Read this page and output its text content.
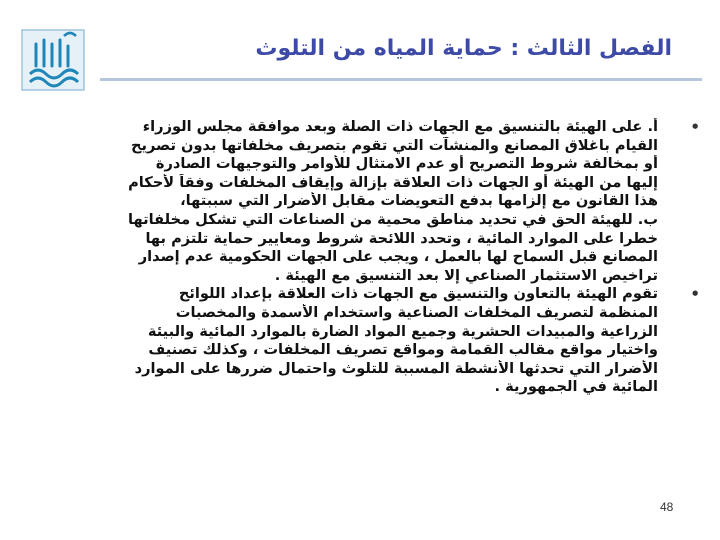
الفصل الثالث : حماية المياه من التلوث
•
أ. على الهيئة بالتنسيق مع الجهات ذات الصلة وبعد موافقة مجلس الوزراء
القيام باغلاق المصانع والمنشآت التي تقوم بتصريف مخلفاتها بدون تصريح
أو بمخالفة شروط التصريح أو عدم الامتثال للأوامر والتوجيهات الصادرة
إليها من الهيئة أو الجهات ذات العلاقة بإزالة وإيقاف المخلفات وفقاً لأحكام
هذا القانون مع إلزامها بدفع التعويضات مقابل الأضرار التي سببتها،
ب. للهيئة الحق في تحديد مناطق محمية من الصناعات التي تشكل مخلفاتها
خطرا على الموارد المائية ، وتحدد اللائحة شروط ومعايير حماية تلتزم بها
المصانع قبل السماح لها بالعمل ، ويجب على الجهات الحكومية عدم إصدار
تراخيص الاستثمار الصناعي إلا بعد التنسيق مع الهيئة .
•
تقوم الهيئة بالتعاون والتنسيق مع الجهات ذات العلاقة بإعداد اللوائح
المنظمة لتصريف المخلفات الصناعية واستخدام الأسمدة والمخصبات
الزراعية والمبيدات الحشرية وجميع المواد الضارة بالموارد المائية والبيئة
واختيار مواقع مقالب القمامة ومواقع تصريف المخلفات ، وكذلك تصنيف
الأضرار التي تحدثها الأنشطة المسببة للتلوث واحتمال ضررها على الموارد
المائية في الجمهورية .
48
